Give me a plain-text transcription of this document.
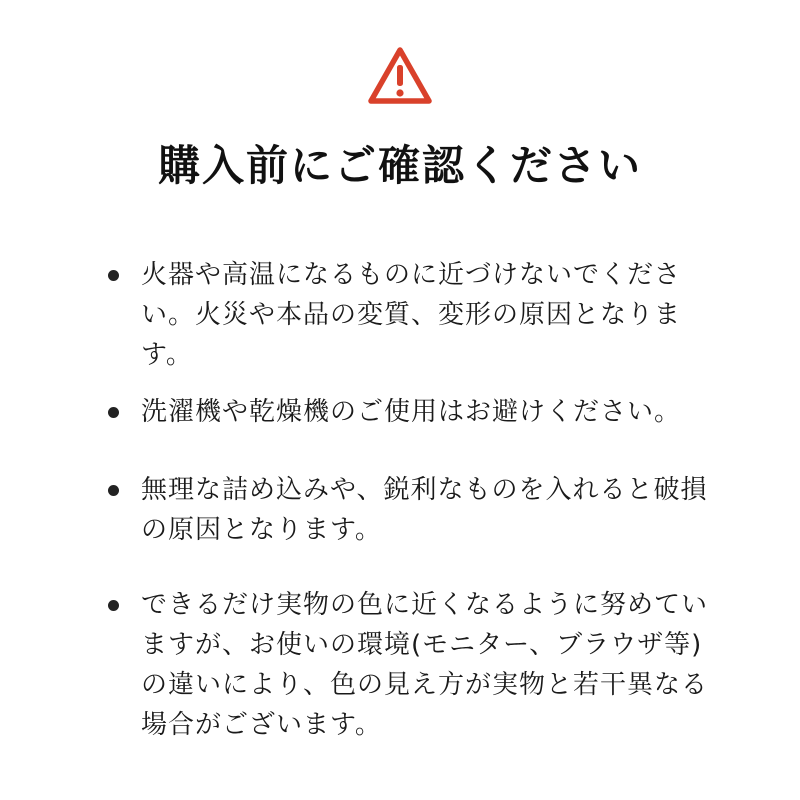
購入前にご確認ください
火器や高温になるものに近づけないでください。火災や本品の変質、変形の原因となります。
洗濯機や乾燥機のご使用はお避けください。
無理な詰め込みや、鋭利なものを入れると破損の原因となります。
できるだけ実物の色に近くなるように努めていますが、お使いの環境(モニター、ブラウザ等)の違いにより、色の見え方が実物と若干異なる場合がございます。
